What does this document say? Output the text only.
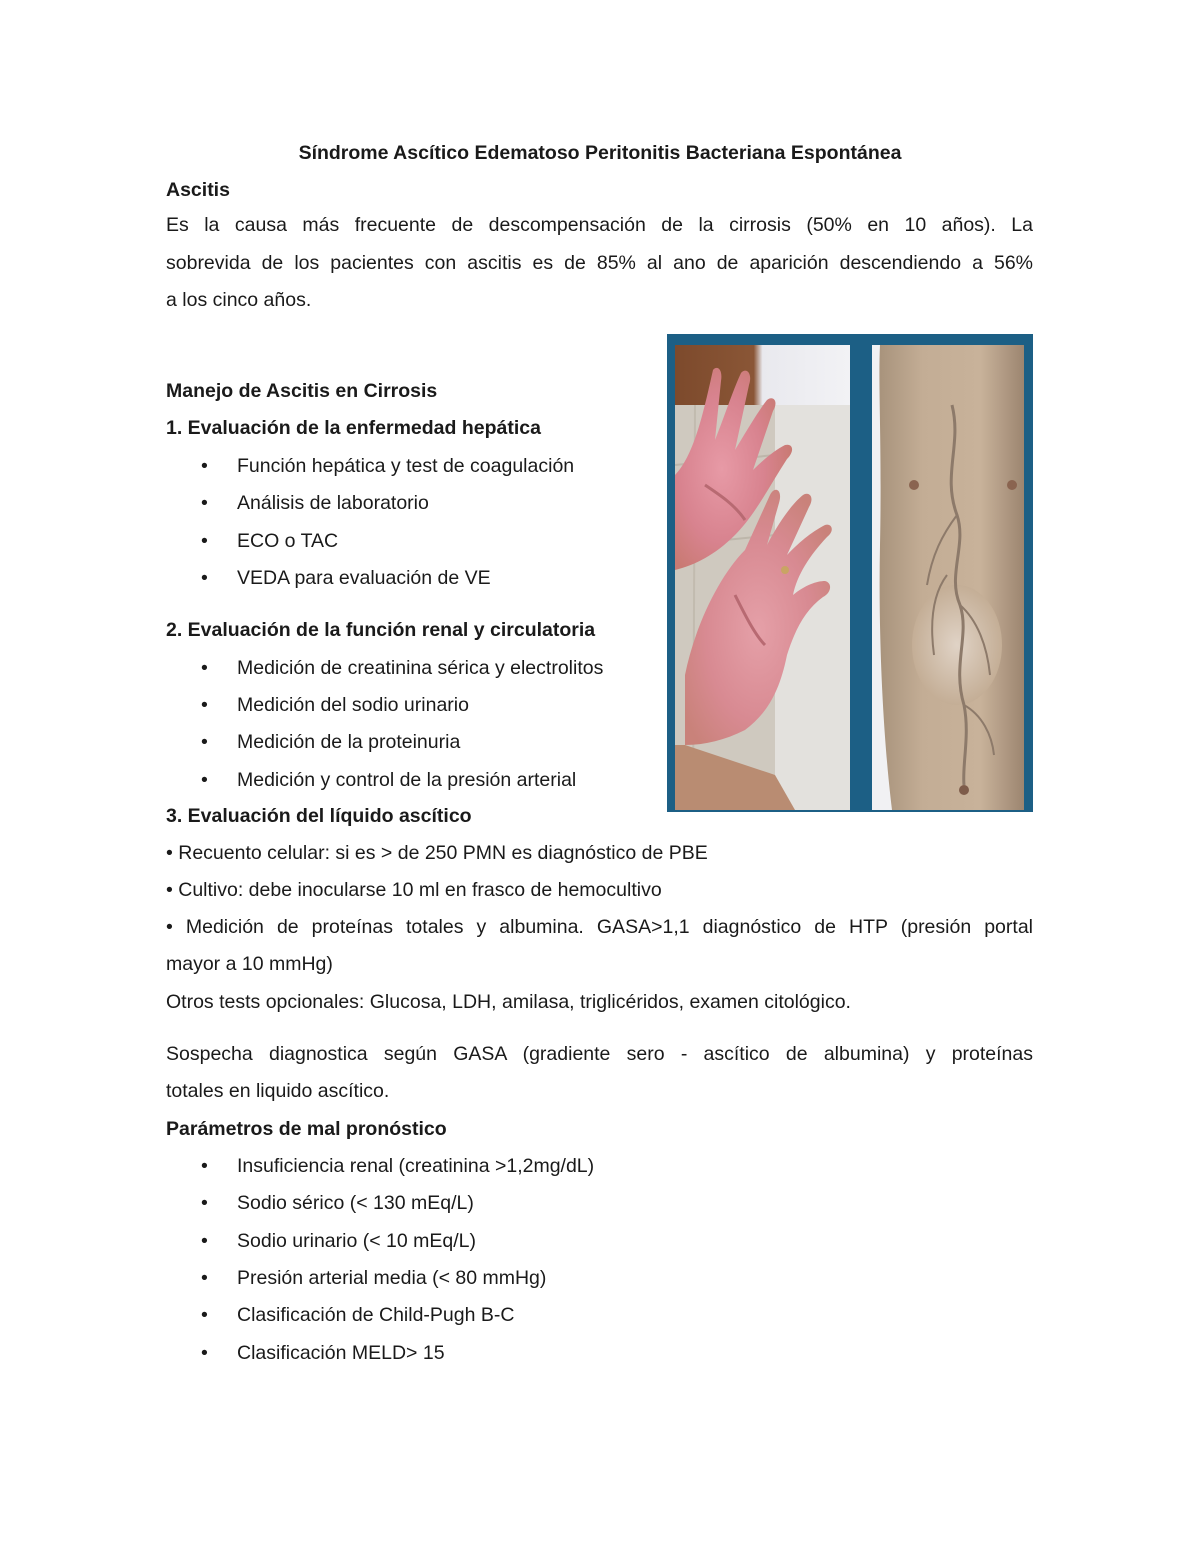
Síndrome Ascítico Edematoso Peritonitis Bacteriana Espontánea
Ascitis
Es la causa más frecuente de descompensación de la cirrosis (50% en 10 años). La
sobrevida de los pacientes con ascitis es de 85% al ano de aparición descendiendo a 56%
a los cinco años.
Manejo de Ascitis en Cirrosis
1. Evaluación de la enfermedad hepática
• Función hepática y test de coagulación
• Análisis de laboratorio
• ECO o TAC
• VEDA para evaluación de VE
2. Evaluación de la función renal y circulatoria
• Medición de creatinina sérica y electrolitos
• Medición del sodio urinario
• Medición de la proteinuria
• Medición y control de la presión arterial
3. Evaluación del líquido ascítico
• Recuento celular: si es > de 250 PMN es diagnóstico de PBE
• Cultivo: debe inocularse 10 ml en frasco de hemocultivo
• Medición de proteínas totales y albumina. GASA>1,1 diagnóstico de HTP (presión portal
mayor a 10 mmHg)
Otros tests opcionales: Glucosa, LDH, amilasa, triglicéridos, examen citológico.
Sospecha diagnostica según GASA (gradiente sero - ascítico de albumina) y proteínas
totales en liquido ascítico.
Parámetros de mal pronóstico
• Insuficiencia renal (creatinina >1,2mg/dL)
• Sodio sérico (< 130 mEq/L)
• Sodio urinario (< 10 mEq/L)
• Presión arterial media (< 80 mmHg)
• Clasificación de Child-Pugh B-C
• Clasificación MELD> 15
